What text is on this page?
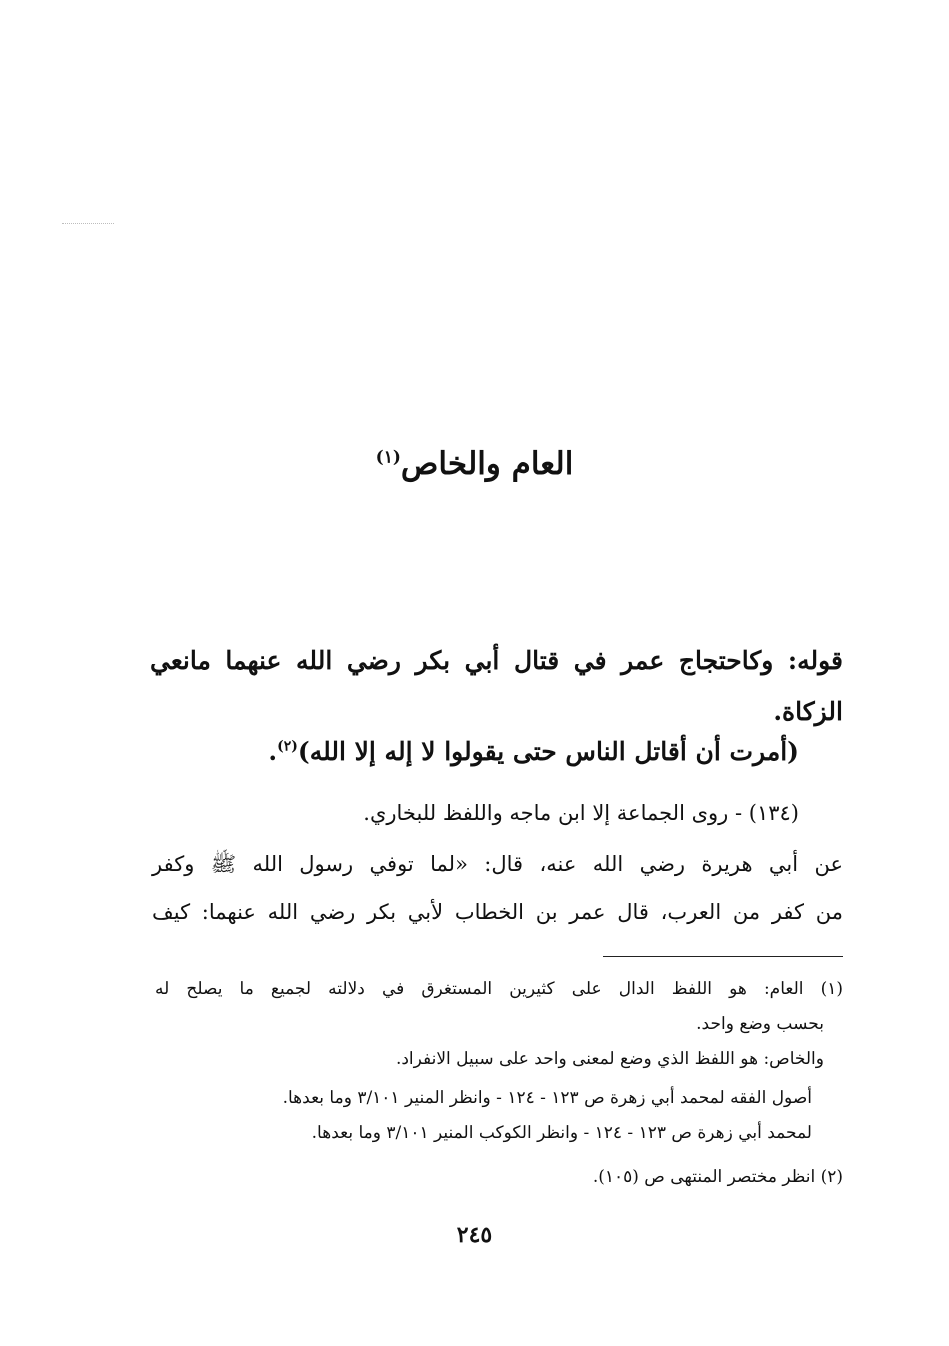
العام والخاص$^{(١)}$
قوله: وكاحتجاج عمر في قتال أبي بكر رضي الله عنهما مانعي
الزكاة.
(أمرت أن أقاتل الناس حتى يقولوا لا إله إلا الله)$^{(٢)}$.
(١٣٤) - روى الجماعة إلا ابن ماجه واللفظ للبخاري.
عن أبي هريرة رضي الله عنه، قال: «لما توفي رسول الله ﷺ وكفر
من كفر من العرب، قال عمر بن الخطاب لأبي بكر رضي الله عنهما: كيف
(١) العام: هو اللفظ الدال على كثيرين المستغرق في دلالته لجميع ما يصلح له
بحسب وضع واحد.
والخاص: هو اللفظ الذي وضع لمعنى واحد على سبيل الانفراد.
أصول الفقه لمحمد أبي زهرة ص ١٢٣ - ١٢٤ - وانظر المنير ٣/١٠١ وما بعدها.
لمحمد أبي زهرة ص ١٢٣ - ١٢٤ - وانظر الكوكب المنير ٣/١٠١ وما بعدها.
(٢) انظر مختصر المنتهى ص (١٠٥).
٢٤٥
